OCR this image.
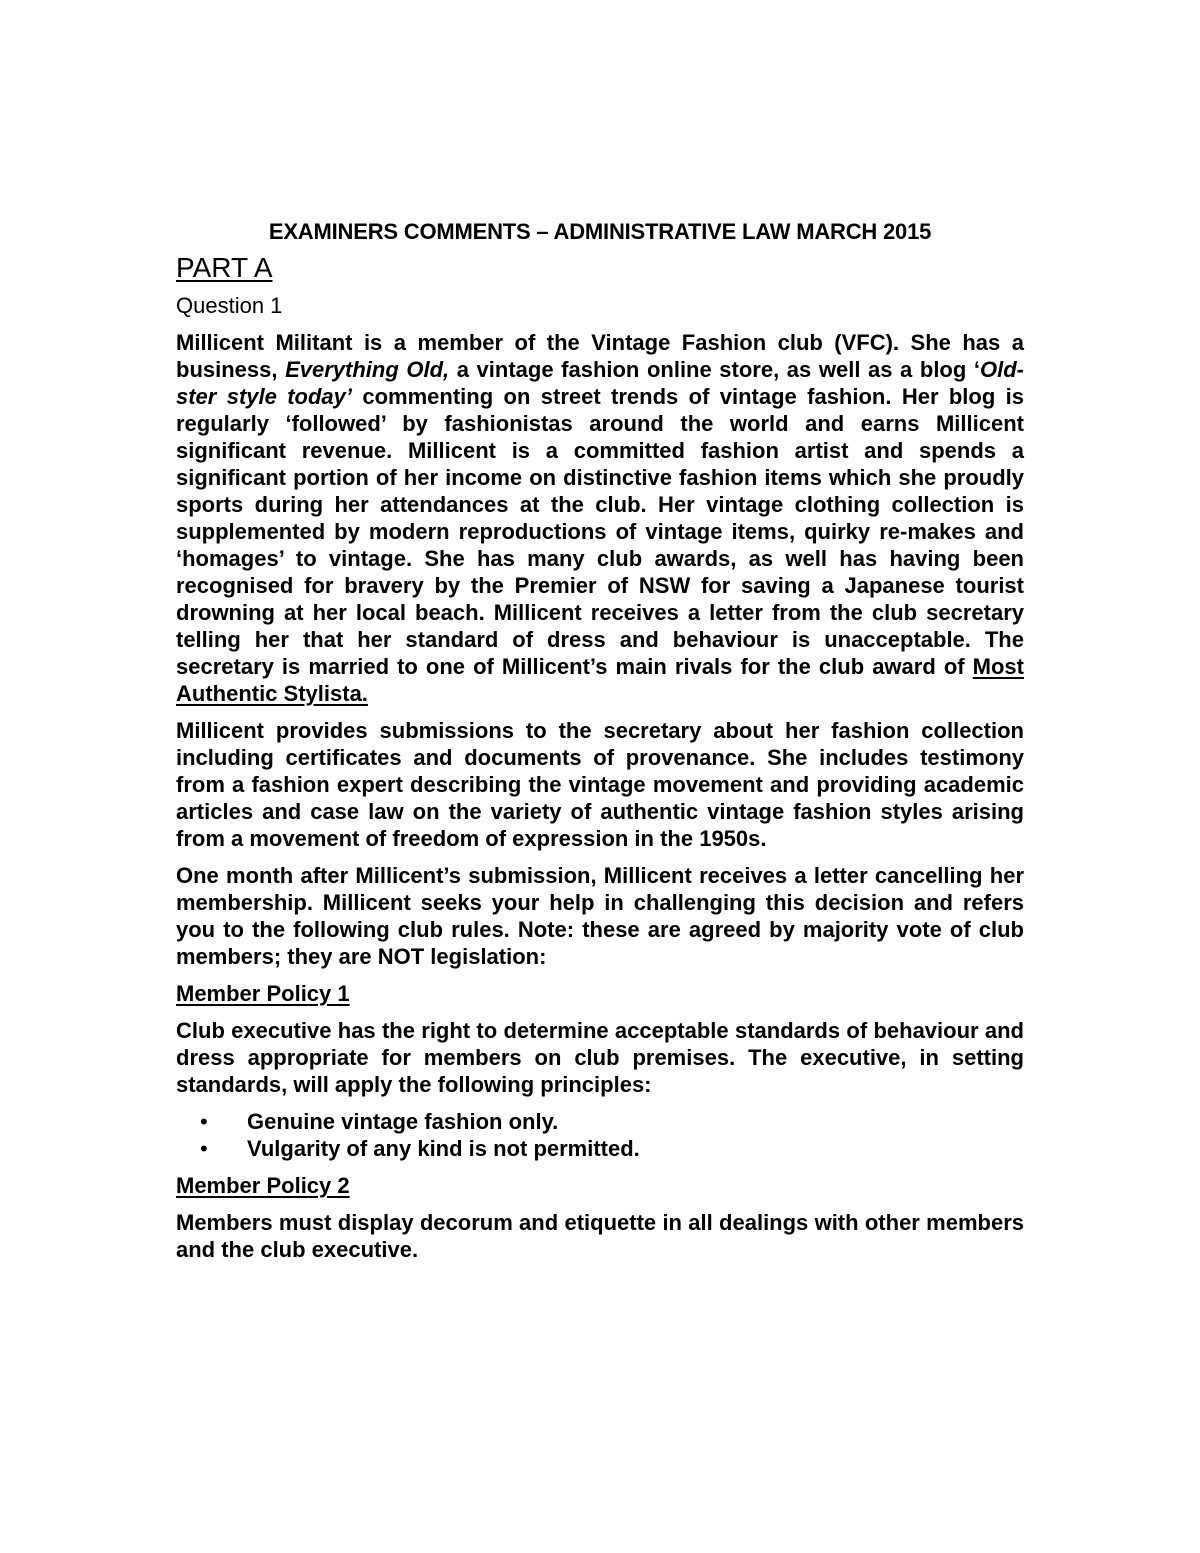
EXAMINERS COMMENTS – ADMINISTRATIVE LAW MARCH 2015
PART A
Question 1

Millicent Militant is a member of the Vintage Fashion club (VFC). She has a business, Everything Old, a vintage fashion online store, as well as a blog ‘Old-ster style today’ commenting on street trends of vintage fashion. Her blog is regularly ‘followed’ by fashionistas around the world and earns Millicent significant revenue. Millicent is a committed fashion artist and spends a significant portion of her income on distinctive fashion items which she proudly sports during her attendances at the club. Her vintage clothing collection is supplemented by modern reproductions of vintage items, quirky re-makes and ‘homages’ to vintage. She has many club awards, as well has having been recognised for bravery by the Premier of NSW for saving a Japanese tourist drowning at her local beach. Millicent receives a letter from the club secretary telling her that her standard of dress and behaviour is unacceptable. The secretary is married to one of Millicent’s main rivals for the club award of Most Authentic Stylista.

Millicent provides submissions to the secretary about her fashion collection including certificates and documents of provenance. She includes testimony from a fashion expert describing the vintage movement and providing academic articles and case law on the variety of authentic vintage fashion styles arising from a movement of freedom of expression in the 1950s.

One month after Millicent’s submission, Millicent receives a letter cancelling her membership. Millicent seeks your help in challenging this decision and refers you to the following club rules. Note: these are agreed by majority vote of club members; they are NOT legislation:

Member Policy 1

Club executive has the right to determine acceptable standards of behaviour and dress appropriate for members on club premises. The executive, in setting standards, will apply the following principles:

• Genuine vintage fashion only.
• Vulgarity of any kind is not permitted.
Member Policy 2

Members must display decorum and etiquette in all dealings with other members and the club executive.
